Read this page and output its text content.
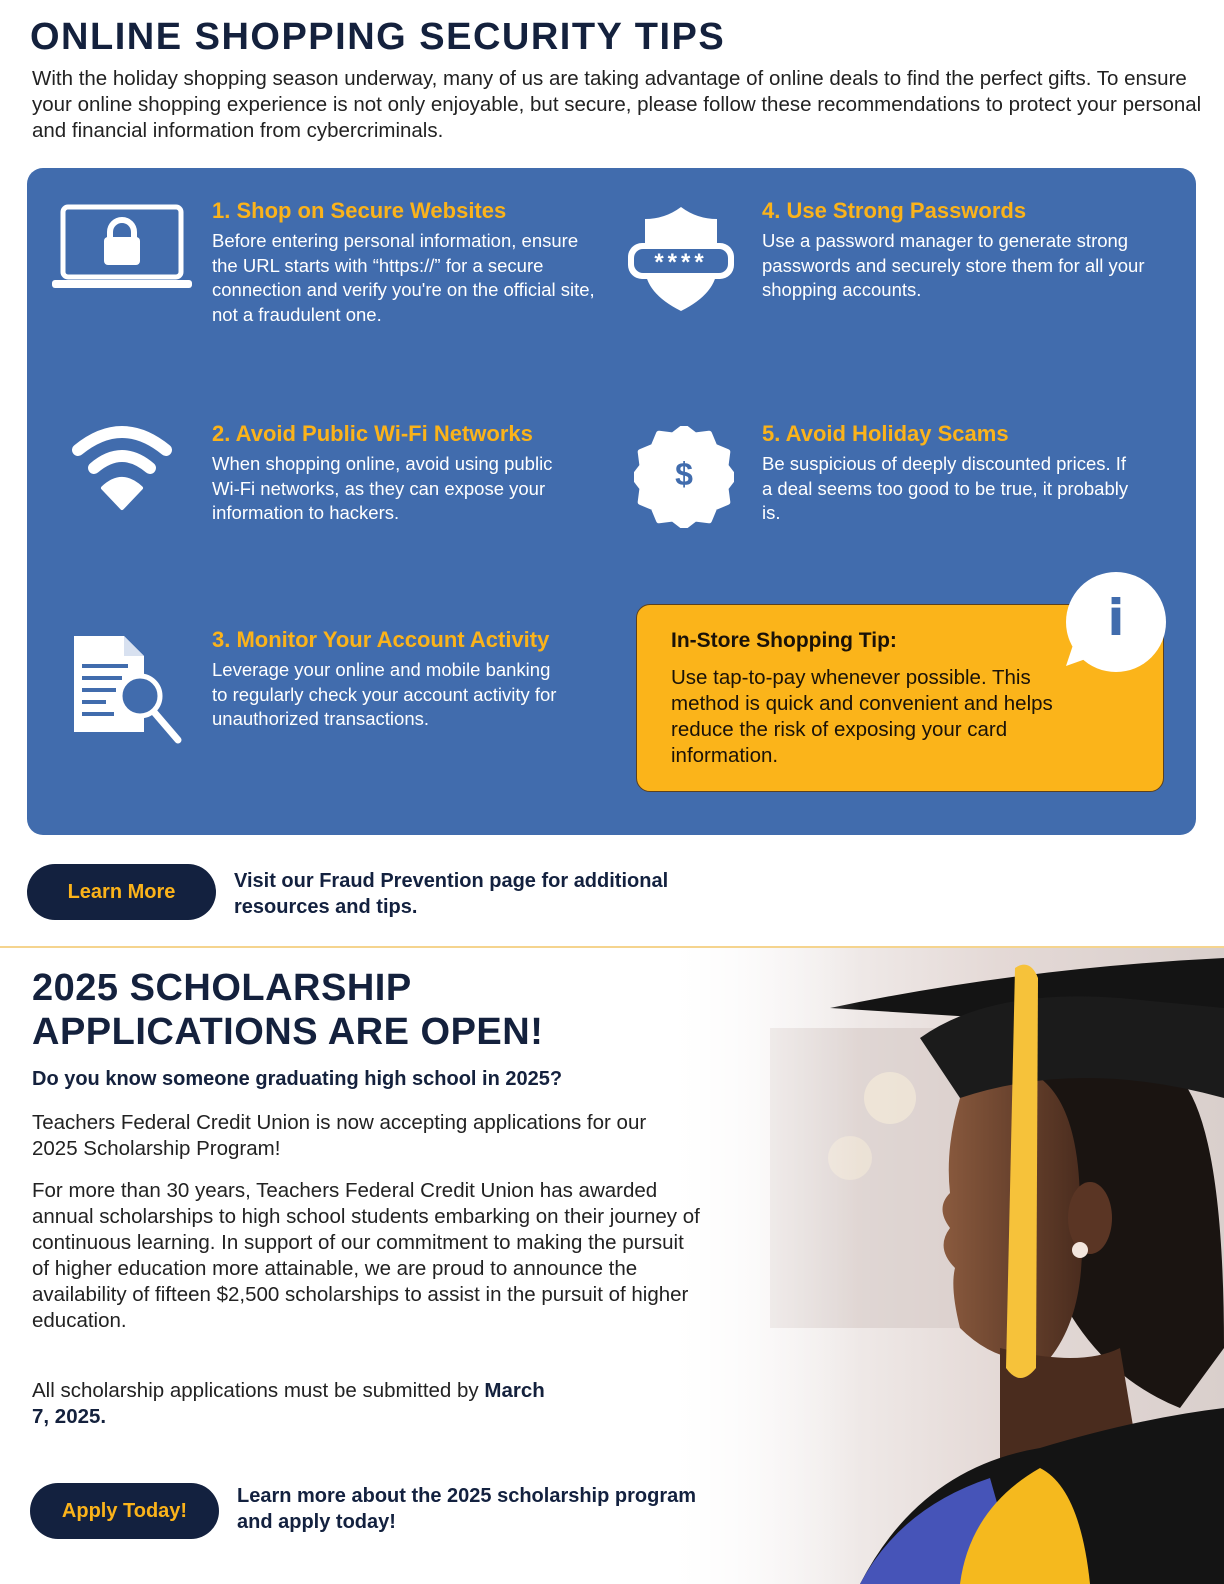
ONLINE SHOPPING SECURITY TIPS

With the holiday shopping season underway, many of us are taking advantage of online deals to find the perfect gifts. To ensure your online shopping experience is not only enjoyable, but secure, please follow these recommendations to protect your personal and financial information from cybercriminals.

1. Shop on Secure Websites
Before entering personal information, ensure the URL starts with “https://” for a secure connection and verify you're on the official site, not a fraudulent one.
2. Avoid Public Wi-Fi Networks
When shopping online, avoid using public Wi-Fi networks, as they can expose your information to hackers.
3. Monitor Your Account Activity
Leverage your online and mobile banking to regularly check your account activity for unauthorized transactions.
****
4. Use Strong Passwords
Use a password manager to generate strong passwords and securely store them for all your shopping accounts.
$
5. Avoid Holiday Scams
Be suspicious of deeply discounted prices. If a deal seems too good to be true, it probably is.
In-Store Shopping Tip:
Use tap-to-pay whenever possible. This method is quick and convenient and helps reduce the risk of exposing your card information.
i
Learn More	Visit our Fraud Prevention page for additional resources and tips.
2025 SCHOLARSHIP
APPLICATIONS ARE OPEN!
Do you know someone graduating high school in 2025?

Teachers Federal Credit Union is now accepting applications for our 2025 Scholarship Program!

For more than 30 years, Teachers Federal Credit Union has awarded annual scholarships to high school students embarking on their journey of continuous learning. In support of our commitment to making the pursuit of higher education more attainable, we are proud to announce the availability of fifteen $2,500 scholarships to assist in the pursuit of higher education.

All scholarship applications must be submitted by March 7, 2025.

Apply Today!
Learn more about the 2025 scholarship program and apply today!
